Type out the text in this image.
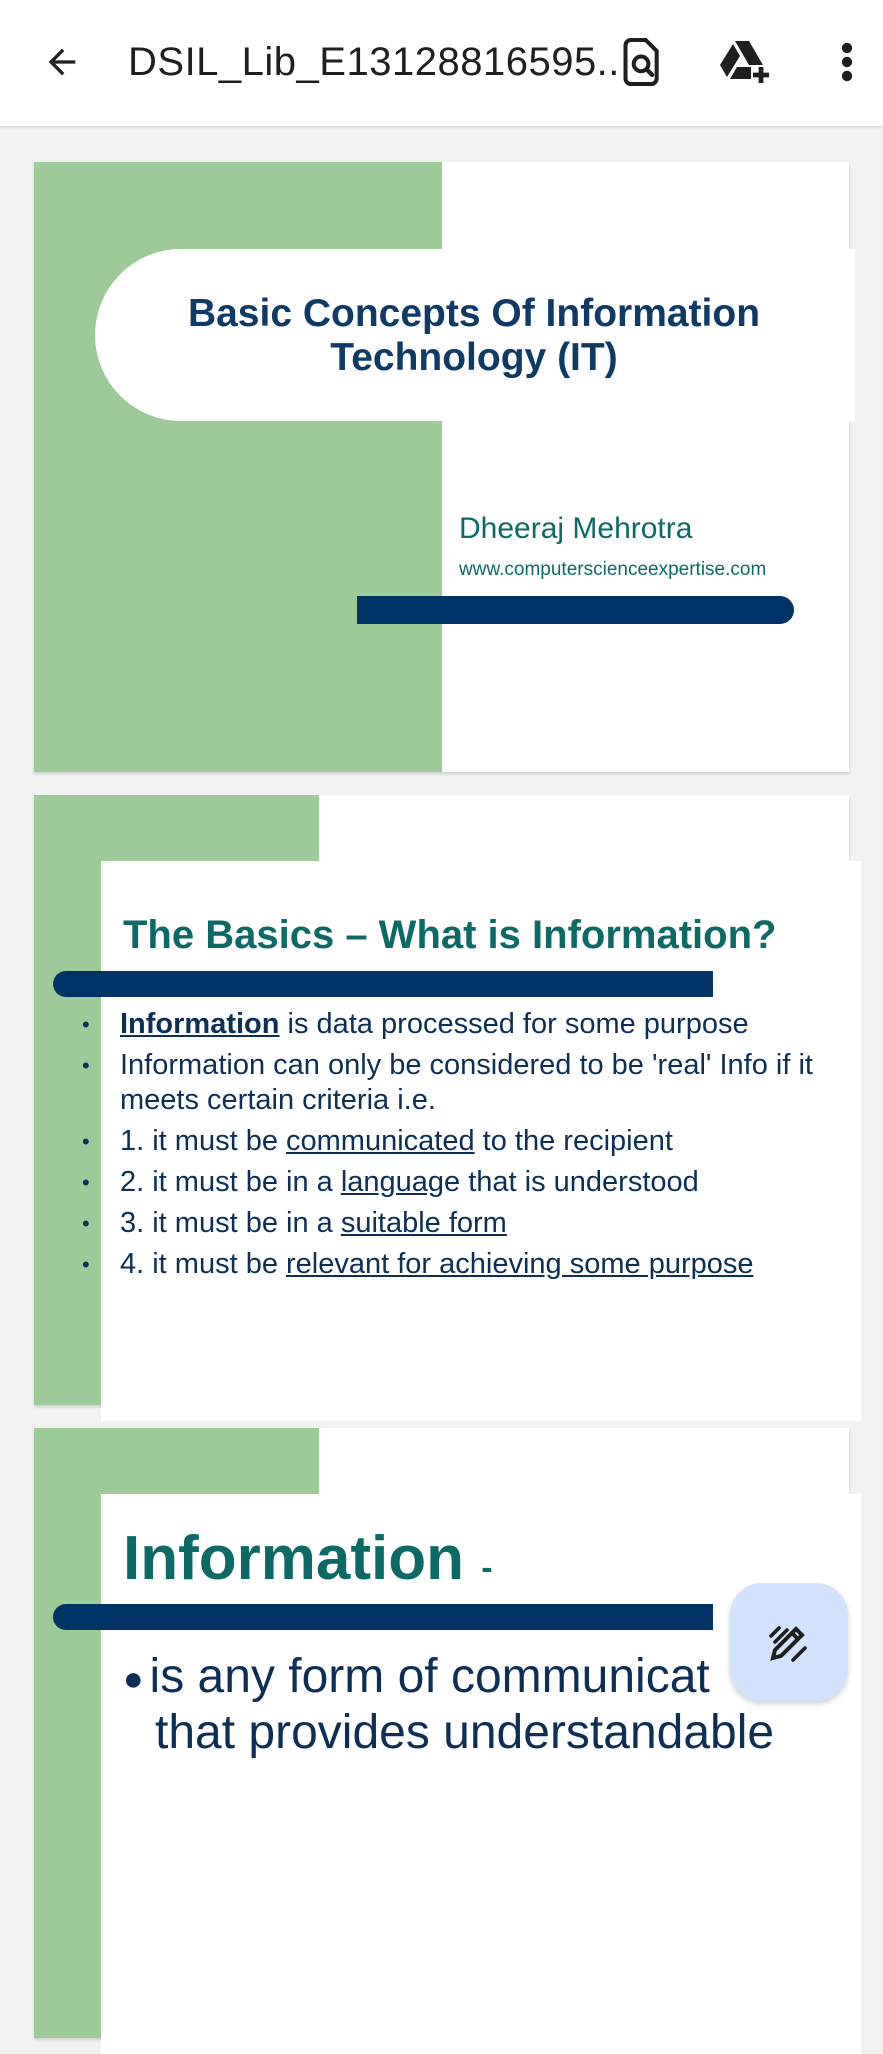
DSIL_Lib_E13128816595...
Basic Concepts Of Information Technology (IT)
Dheeraj Mehrotra
www.computerscienceexpertise.com
The Basics – What is Information?
• Information is data processed for some purpose
• Information can only be considered to be 'real' Info if it meets certain criteria i.e.
• 1. it must be communicated to the recipient
• 2. it must be in a language that is understood
• 3. it must be in a suitable form
• 4. it must be relevant for achieving some purpose
Information -
● is any form of communicat
that provides understandable
